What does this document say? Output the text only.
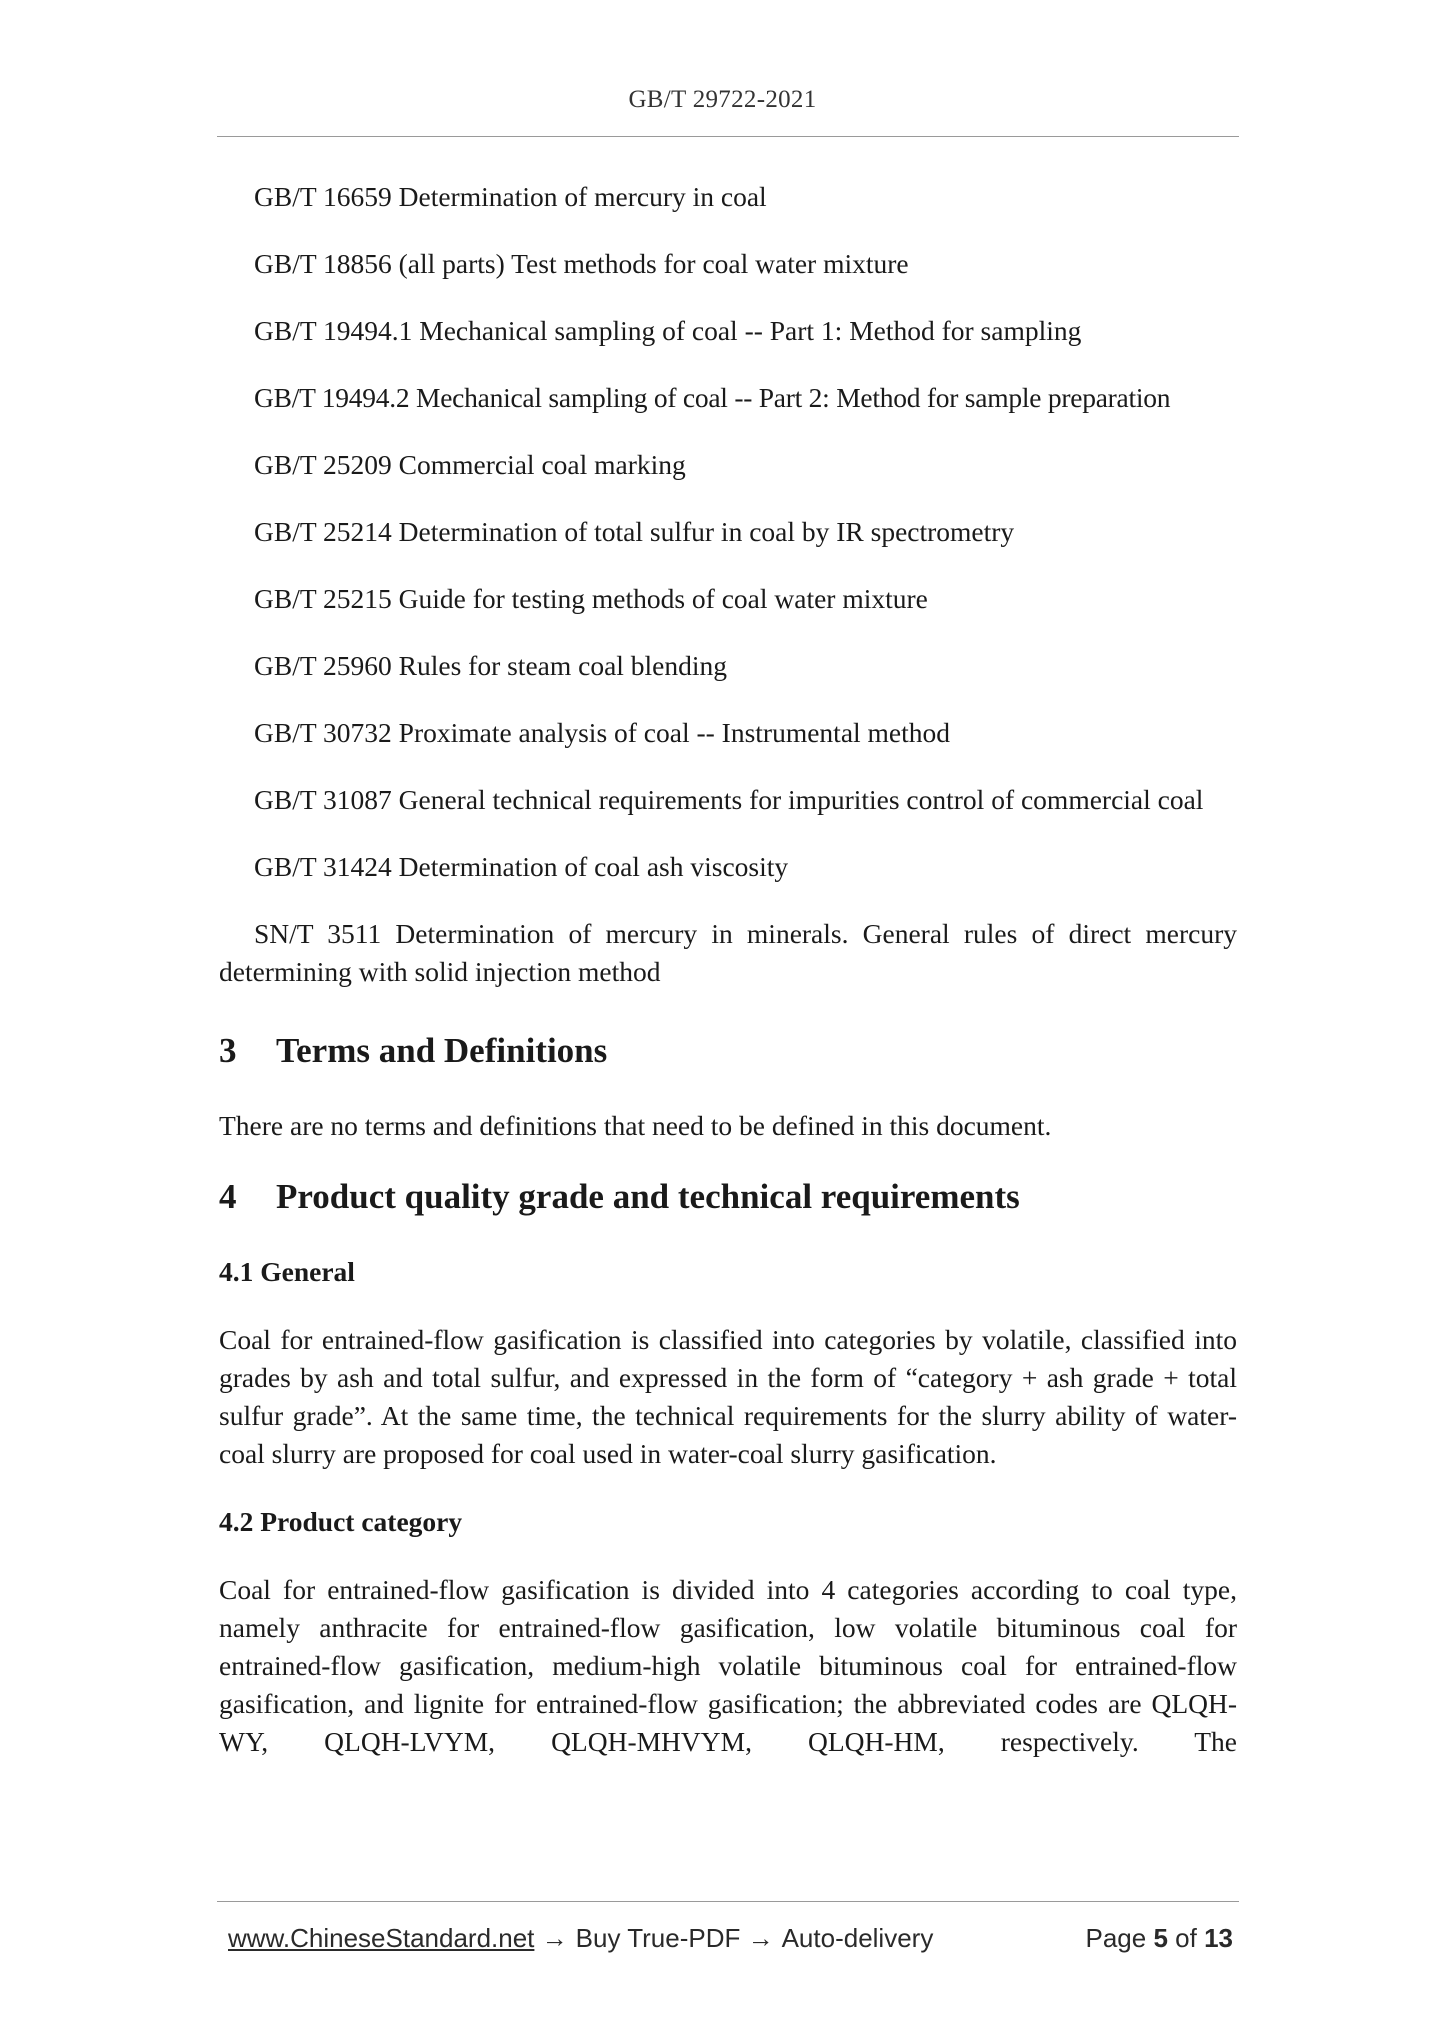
GB/T 29722-2021

GB/T 16659 Determination of mercury in coal

GB/T 18856 (all parts) Test methods for coal water mixture

GB/T 19494.1 Mechanical sampling of coal -- Part 1: Method for sampling

GB/T 19494.2 Mechanical sampling of coal -- Part 2: Method for sample preparation

GB/T 25209 Commercial coal marking

GB/T 25214 Determination of total sulfur in coal by IR spectrometry

GB/T 25215 Guide for testing methods of coal water mixture

GB/T 25960 Rules for steam coal blending

GB/T 30732 Proximate analysis of coal -- Instrumental method

GB/T 31087 General technical requirements for impurities control of commercial coal

GB/T 31424 Determination of coal ash viscosity

SN/T 3511 Determination of mercury in minerals. General rules of direct mercury determining with solid injection method

3	Terms and Definitions

There are no terms and definitions that need to be defined in this document.

4	Product quality grade and technical requirements
4.1 General

Coal for entrained-flow gasification is classified into categories by volatile, classified into grades by ash and total sulfur, and expressed in the form of “category + ash grade + total sulfur grade”. At the same time, the technical requirements for the slurry ability of water-coal slurry are proposed for coal used in water-coal slurry gasification.

4.2 Product category

Coal for entrained-flow gasification is divided into 4 categories according to coal type, namely anthracite for entrained-flow gasification, low volatile bituminous coal for entrained-flow gasification, medium-high volatile bituminous coal for entrained-flow gasification, and lignite for entrained-flow gasification; the abbreviated codes are QLQH-WY, QLQH-LVYM, QLQH-MHVYM, QLQH-HM, respectively. The

www.ChineseStandard.net → Buy True-PDF → Auto-delivery	Page 5 of 13
